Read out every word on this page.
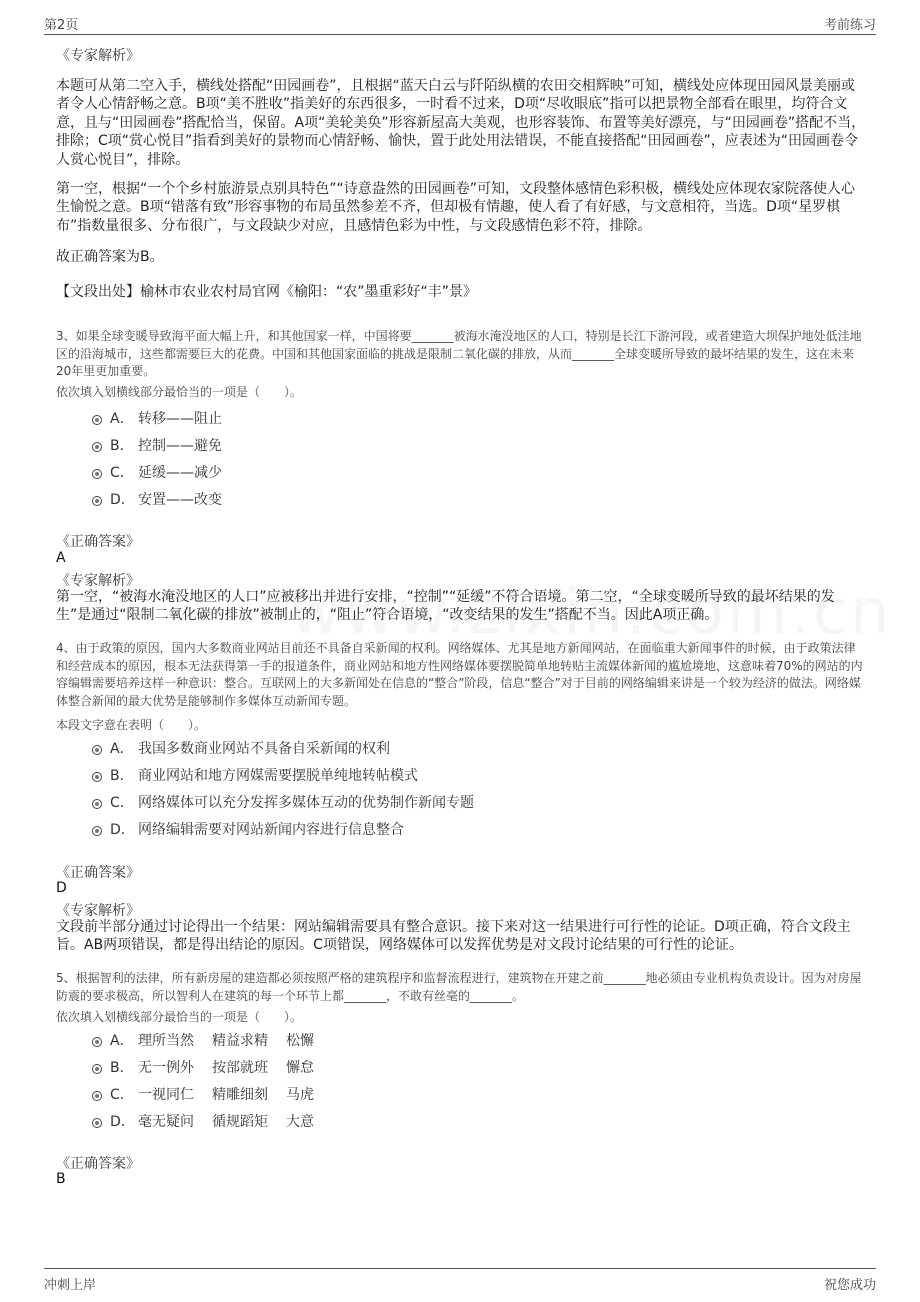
第2页	考前练习
《专家解析》

本题可从第二空入手，横线处搭配“田园画卷”，且根据“蓝天白云与阡陌纵横的农田交相辉映”可知，横线处应体现田园风景美丽或者令人心情舒畅之意。B项“美不胜收”指美好的东西很多，一时看不过来，D项“尽收眼底”指可以把景物全部看在眼里，均符合文意，且与“田园画卷”搭配恰当，保留。A项“美轮美奂”形容新屋高大美观，也形容装饰、布置等美好漂亮，与“田园画卷”搭配不当，排除；C项“赏心悦目”指看到美好的景物而心情舒畅、愉快，置于此处用法错误，不能直接搭配“田园画卷”，应表述为“田园画卷令人赏心悦目”，排除。

第一空，根据“一个个乡村旅游景点别具特色”“诗意盎然的田园画卷”可知，文段整体感情色彩积极，横线处应体现农家院落使人心生愉悦之意。B项“错落有致”形容事物的布局虽然参差不齐，但却极有情趣，使人看了有好感，与文意相符，当选。D项“星罗棋布”指数量很多、分布很广，与文段缺少对应，且感情色彩为中性，与文段感情色彩不符，排除。

故正确答案为B。

【文段出处】榆林市农业农村局官网《榆阳：“农”墨重彩好“丰”景》

3、如果全球变暖导致海平面大幅上升，和其他国家一样，中国将要_______被海水淹没地区的人口，特别是长江下游河段，或者建造大坝保护地处低洼地区的沿海城市，这些都需要巨大的花费。中国和其他国家面临的挑战是限制二氧化碳的排放，从而_______全球变暖所导致的最坏结果的发生，这在未来20年里更加重要。

依次填入划横线部分最恰当的一项是（　　）。

A． 转移——阻止
B． 控制——避免
C． 延缓——减少
D． 安置——改变
《正确答案》
A
《专家解析》

第一空，“被海水淹没地区的人口”应被移出并进行安排，“控制”“延缓”不符合语境。第二空，“全球变暖所导致的最坏结果的发生”是通过“限制二氧化碳的排放”被制止的，“阻止”符合语境，“改变结果的发生”搭配不当。因此A项正确。

4、由于政策的原因，国内大多数商业网站目前还不具备自采新闻的权利。网络媒体、尤其是地方新闻网站，在面临重大新闻事件的时候，由于政策法律和经营成本的原因，根本无法获得第一手的报道条件，商业网站和地方性网络媒体要摆脱简单地转贴主流媒体新闻的尴尬境地，这意味着70%的网站的内容编辑需要培养这样一种意识：整合。互联网上的大多新闻处在信息的“整合”阶段，信息“整合”对于目前的网络编辑来讲是一个较为经济的做法。网络媒体整合新闻的最大优势是能够制作多媒体互动新闻专题。

本段文字意在表明（　　）。

A． 我国多数商业网站不具备自采新闻的权利
B． 商业网站和地方网媒需要摆脱单纯地转帖模式
C． 网络媒体可以充分发挥多媒体互动的优势制作新闻专题
D． 网络编辑需要对网站新闻内容进行信息整合
《正确答案》
D
《专家解析》

文段前半部分通过讨论得出一个结果：网站编辑需要具有整合意识。接下来对这一结果进行可行性的论证。D项正确，符合文段主旨。AB两项错误，都是得出结论的原因。C项错误，网络媒体可以发挥优势是对文段讨论结果的可行性的论证。

5、根据智利的法律，所有新房屋的建造都必须按照严格的建筑程序和监督流程进行，建筑物在开建之前_______地必须由专业机构负责设计。因为对房屋防震的要求极高，所以智利人在建筑的每一个环节上都_______，不敢有丝毫的_______。

依次填入划横线部分最恰当的一项是（　　）。

A． 理所当然 精益求精 松懈
B． 无一例外 按部就班 懈怠
C． 一视同仁 精雕细刻 马虎
D． 毫无疑问 循规蹈矩 大意
《正确答案》
B
冲刺上岸	祝您成功
